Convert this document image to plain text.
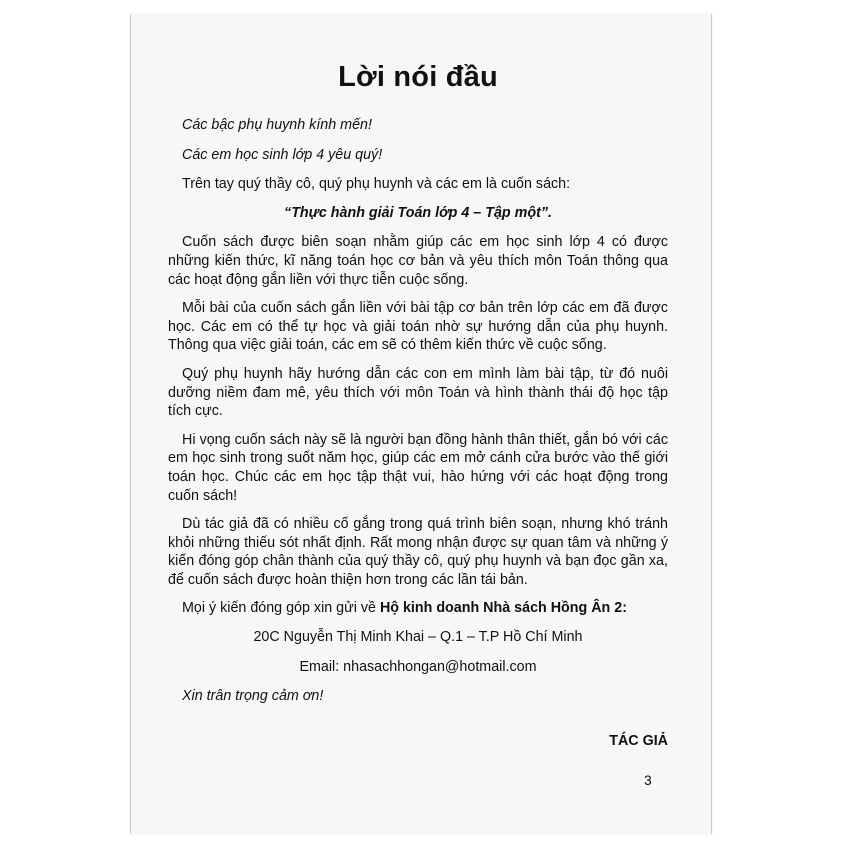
Lời nói đầu

Các bậc phụ huynh kính mến!

Các em học sinh lớp 4 yêu quý!

Trên tay quý thầy cô, quý phụ huynh và các em là cuốn sách:

“Thực hành giải Toán lớp 4 – Tập một”.

Cuốn sách được biên soạn nhằm giúp các em học sinh lớp 4 có được những kiến thức, kĩ năng toán học cơ bản và yêu thích môn Toán thông qua các hoạt động gắn liền với thực tiễn cuộc sống.

Mỗi bài của cuốn sách gắn liền với bài tập cơ bản trên lớp các em đã được học. Các em có thể tự học và giải toán nhờ sự hướng dẫn của phụ huynh. Thông qua việc giải toán, các em sẽ có thêm kiến thức về cuộc sống.

Quý phụ huynh hãy hướng dẫn các con em mình làm bài tập, từ đó nuôi dưỡng niềm đam mê, yêu thích với môn Toán và hình thành thái độ học tập tích cực.

Hi vọng cuốn sách này sẽ là người bạn đồng hành thân thiết, gắn bó với các em học sinh trong suốt năm học, giúp các em mở cánh cửa bước vào thế giới toán học. Chúc các em học tập thật vui, hào hứng với các hoạt động trong cuốn sách!

Dù tác giả đã có nhiều cố gắng trong quá trình biên soạn, nhưng khó tránh khỏi những thiếu sót nhất định. Rất mong nhận được sự quan tâm và những ý kiến đóng góp chân thành của quý thầy cô, quý phụ huynh và bạn đọc gần xa, để cuốn sách được hoàn thiện hơn trong các lần tái bản.

Mọi ý kiến đóng góp xin gửi về Hộ kinh doanh Nhà sách Hồng Ân 2:

20C Nguyễn Thị Minh Khai – Q.1 – T.P Hồ Chí Minh

Email: nhasachhongan@hotmail.com

Xin trân trọng cảm ơn!

TÁC GIẢ

3
